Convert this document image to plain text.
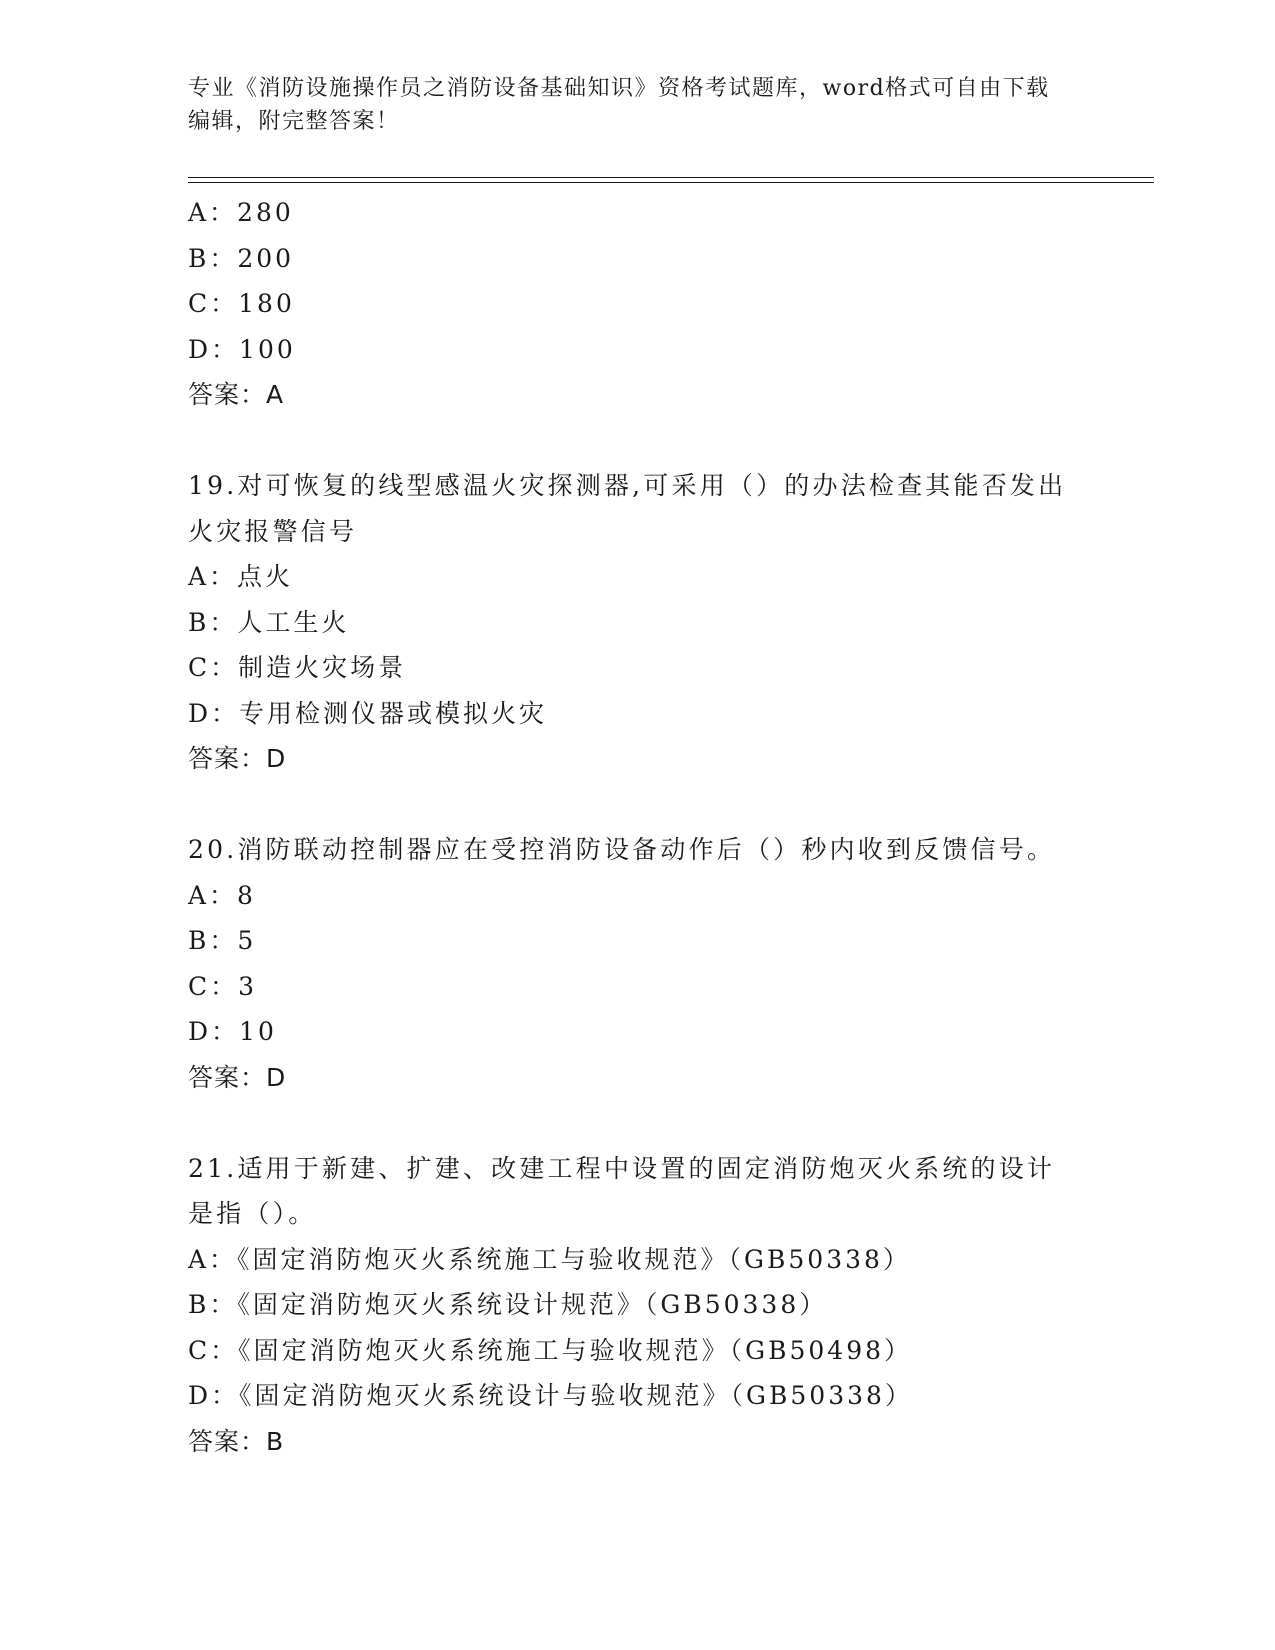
专业《消防设施操作员之消防设备基础知识》资格考试题库，word格式可自由下载编辑，附完整答案！
A：280
B：200
C：180
D：100
答案：A
19.对可恢复的线型感温火灾探测器,可采用（）的办法检查其能否发出火灾报警信号
A：点火
B：人工生火
C：制造火灾场景
D：专用检测仪器或模拟火灾
答案：D
20.消防联动控制器应在受控消防设备动作后（）秒内收到反馈信号。
A：8
B：5
C：3
D：10
答案：D
21.适用于新建、扩建、改建工程中设置的固定消防炮灭火系统的设计是指（）。
A：《固定消防炮灭火系统施工与验收规范》（GB50338）
B：《固定消防炮灭火系统设计规范》（GB50338）
C：《固定消防炮灭火系统施工与验收规范》（GB50498）
D：《固定消防炮灭火系统设计与验收规范》（GB50338）
答案：B
